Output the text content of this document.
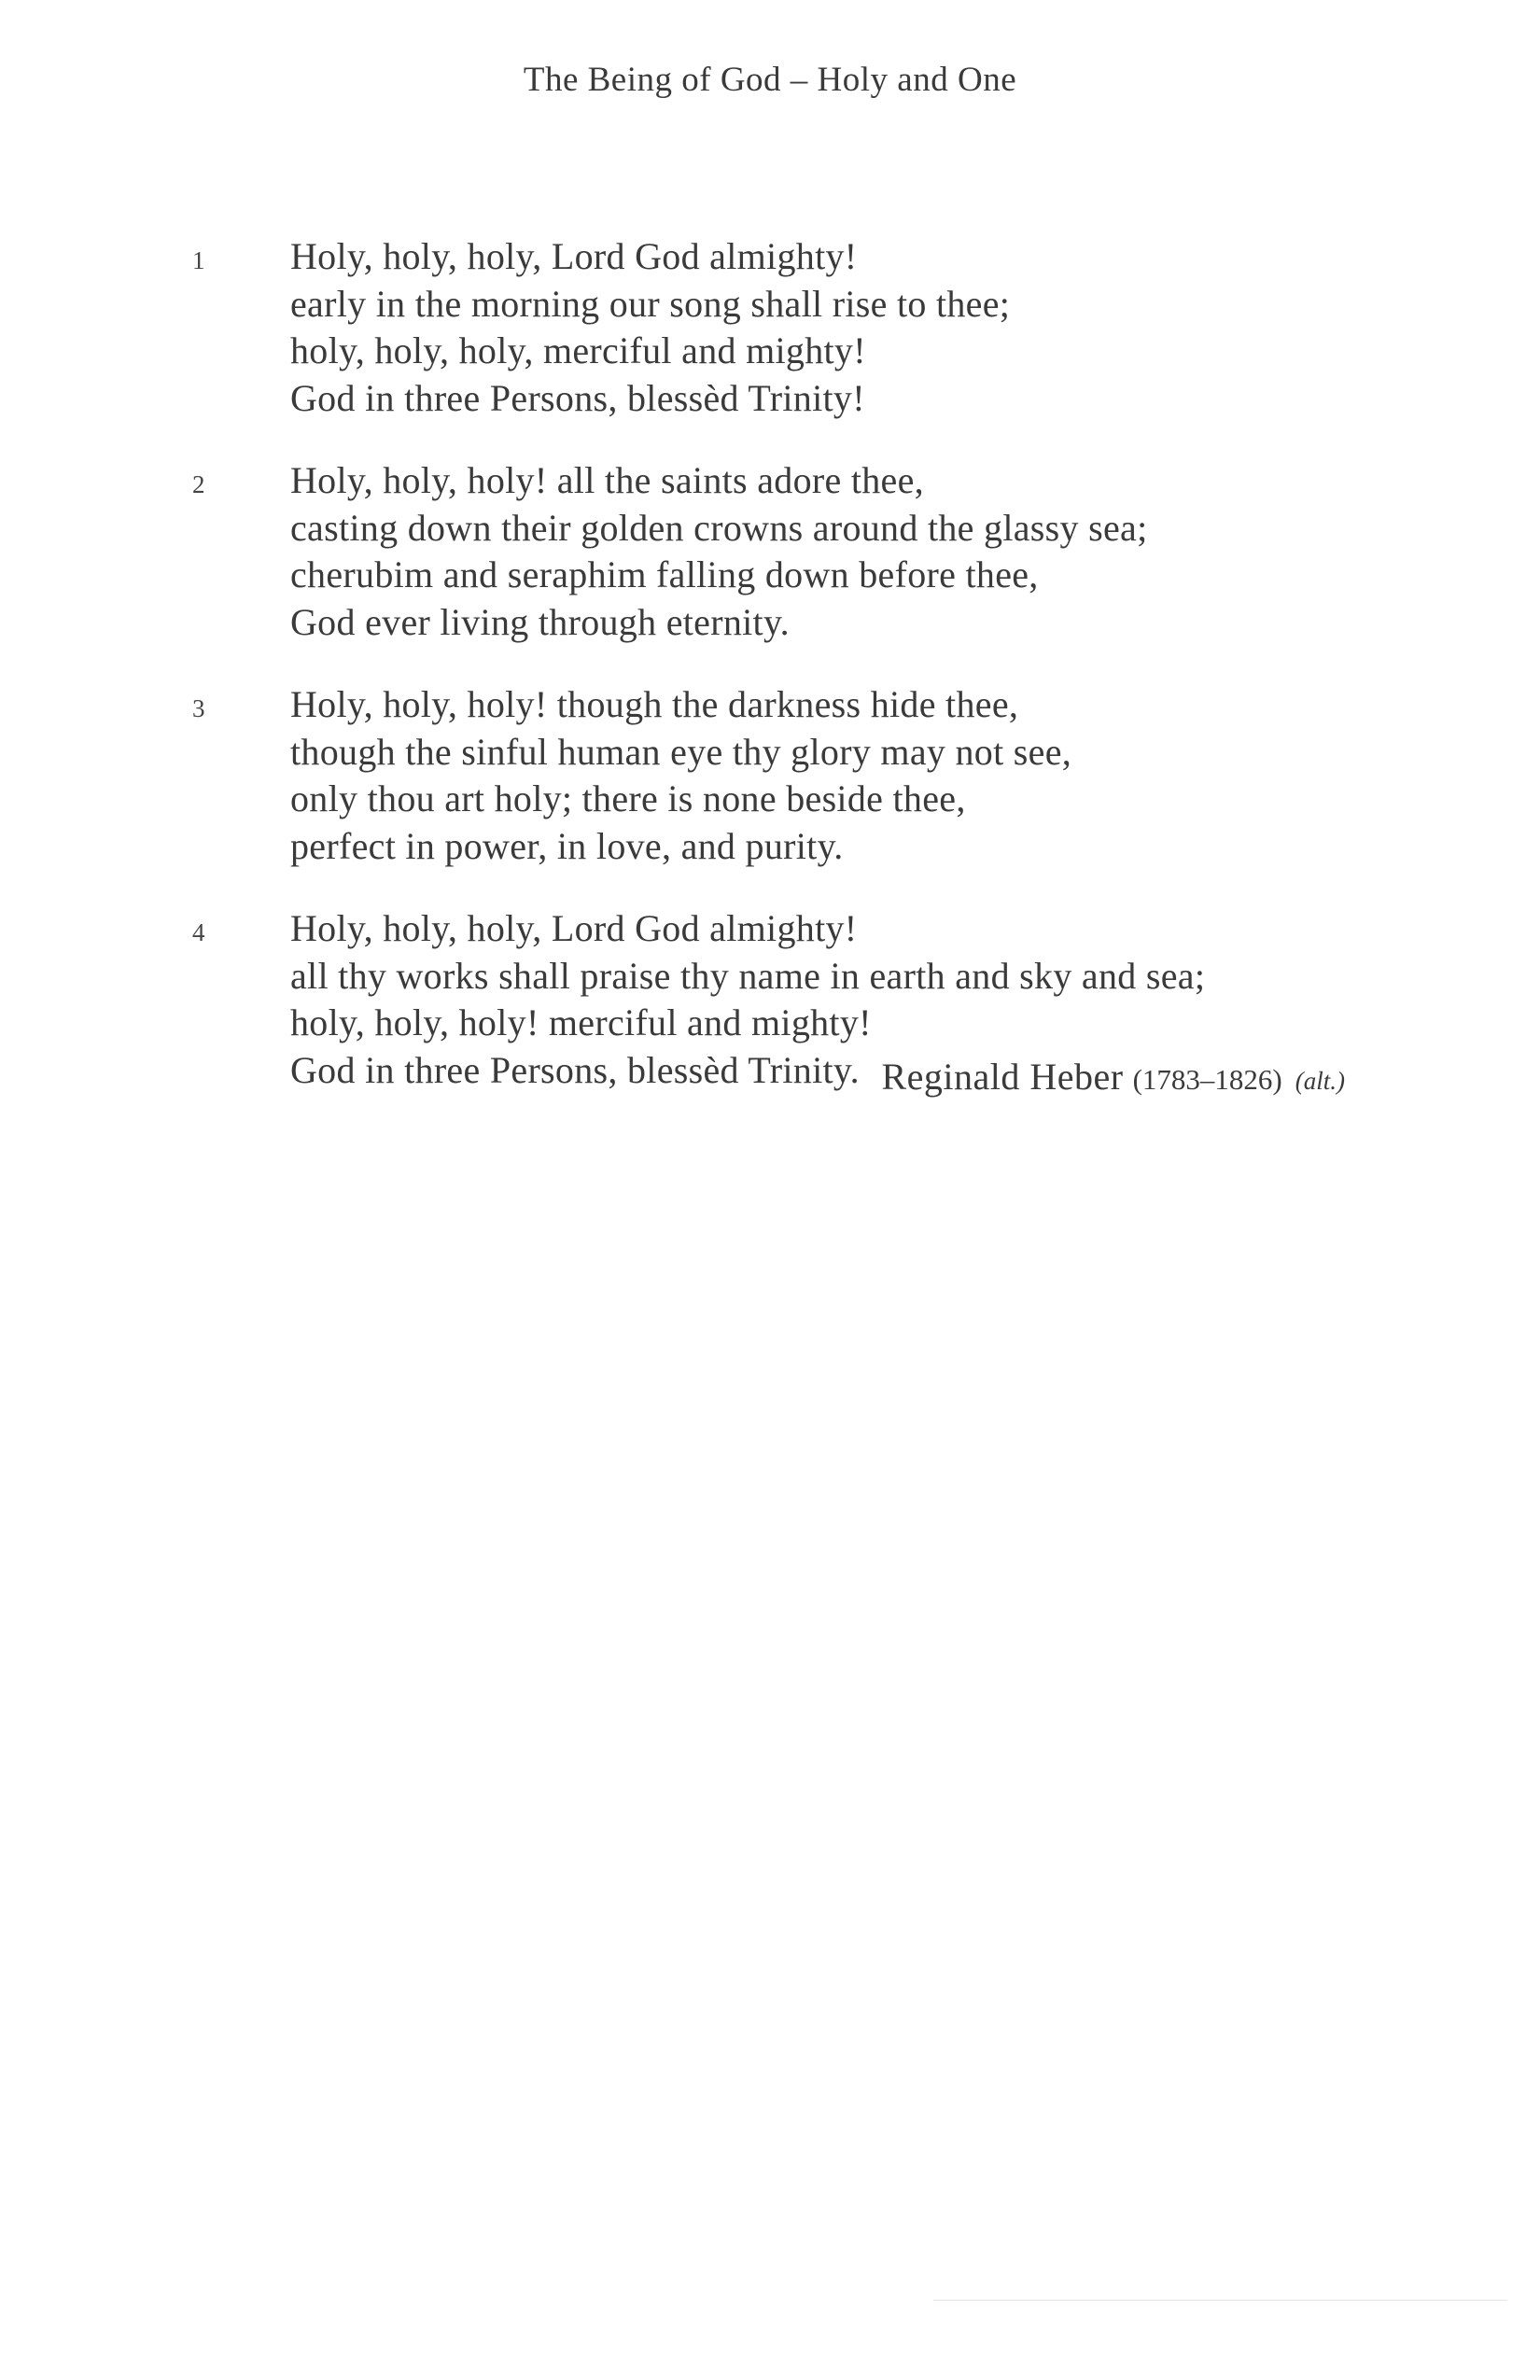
The Being of God – Holy and One
1 Holy, holy, holy, Lord God almighty!
early in the morning our song shall rise to thee;
holy, holy, holy, merciful and mighty!
God in three Persons, blessèd Trinity!
2 Holy, holy, holy! all the saints adore thee,
casting down their golden crowns around the glassy sea;
cherubim and seraphim falling down before thee,
God ever living through eternity.
3 Holy, holy, holy! though the darkness hide thee,
though the sinful human eye thy glory may not see,
only thou art holy; there is none beside thee,
perfect in power, in love, and purity.
4 Holy, holy, holy, Lord God almighty!
all thy works shall praise thy name in earth and sky and sea;
holy, holy, holy! merciful and mighty!
God in three Persons, blessèd Trinity. Reginald Heber (1783–1826) (alt.)
